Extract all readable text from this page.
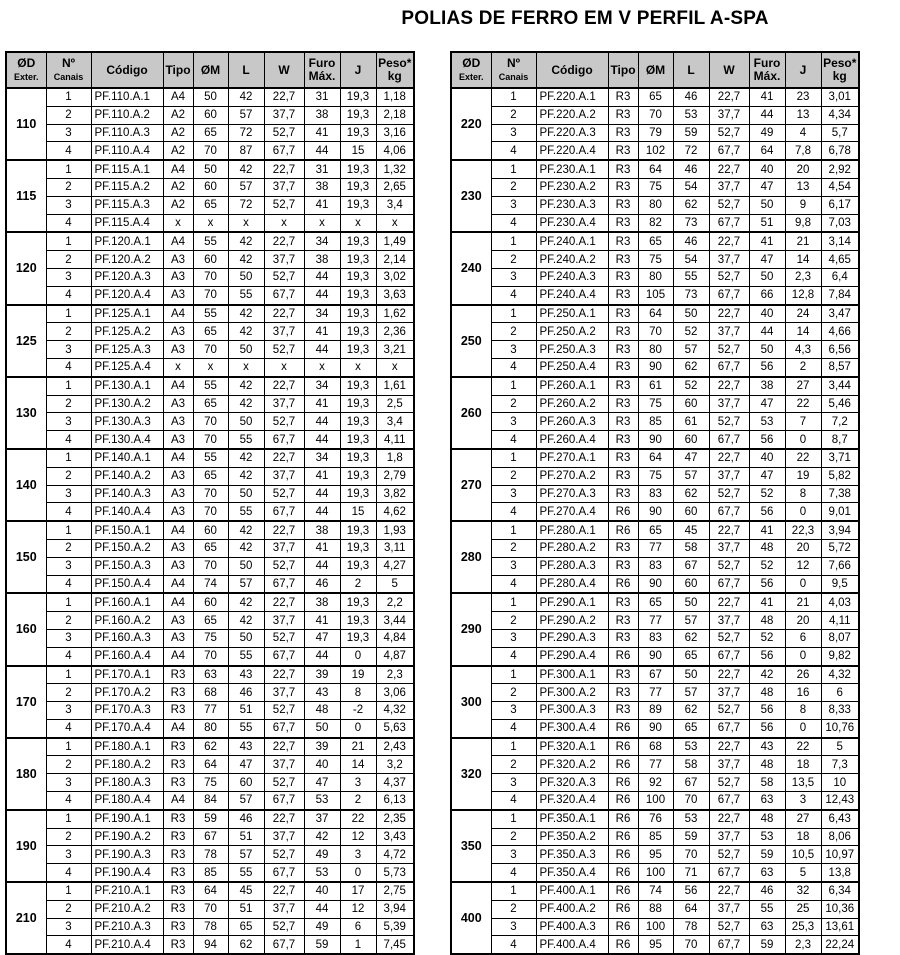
POLIAS DE FERRO EM V PERFIL A-SPA
ØD
Exter.	Nº
Canais	Código	Tipo	ØM	L	W	Furo
Máx.	J	Peso*
kg
110	1	PF.110.A.1	A4	50	42	22,7	31	19,3	1,18
	2	PF.110.A.2	A2	60	57	37,7	38	19,3	2,18
	3	PF.110.A.3	A2	65	72	52,7	41	19,3	3,16
	4	PF.110.A.4	A2	70	87	67,7	44	15	4,06
115	1	PF.115.A.1	A4	50	42	22,7	31	19,3	1,32
	2	PF.115.A.2	A2	60	57	37,7	38	19,3	2,65
	3	PF.115.A.3	A2	65	72	52,7	41	19,3	3,4
	4	PF.115.A.4	x	x	x	x	x	x	x
120	1	PF.120.A.1	A4	55	42	22,7	34	19,3	1,49
	2	PF.120.A.2	A3	60	42	37,7	38	19,3	2,14
	3	PF.120.A.3	A3	70	50	52,7	44	19,3	3,02
	4	PF.120.A.4	A3	70	55	67,7	44	19,3	3,63
125	1	PF.125.A.1	A4	55	42	22,7	34	19,3	1,62
	2	PF.125.A.2	A3	65	42	37,7	41	19,3	2,36
	3	PF.125.A.3	A3	70	50	52,7	44	19,3	3,21
	4	PF.125.A.4	x	x	x	x	x	x	x
130	1	PF.130.A.1	A4	55	42	22,7	34	19,3	1,61
	2	PF.130.A.2	A3	65	42	37,7	41	19,3	2,5
	3	PF.130.A.3	A3	70	50	52,7	44	19,3	3,4
	4	PF.130.A.4	A3	70	55	67,7	44	19,3	4,11
140	1	PF.140.A.1	A4	55	42	22,7	34	19,3	1,8
	2	PF.140.A.2	A3	65	42	37,7	41	19,3	2,79
	3	PF.140.A.3	A3	70	50	52,7	44	19,3	3,82
	4	PF.140.A.4	A3	70	55	67,7	44	15	4,62
150	1	PF.150.A.1	A4	60	42	22,7	38	19,3	1,93
	2	PF.150.A.2	A3	65	42	37,7	41	19,3	3,11
	3	PF.150.A.3	A3	70	50	52,7	44	19,3	4,27
	4	PF.150.A.4	A4	74	57	67,7	46	2	5
160	1	PF.160.A.1	A4	60	42	22,7	38	19,3	2,2
	2	PF.160.A.2	A3	65	42	37,7	41	19,3	3,44
	3	PF.160.A.3	A3	75	50	52,7	47	19,3	4,84
	4	PF.160.A.4	A4	70	55	67,7	44	0	4,87
170	1	PF.170.A.1	R3	63	43	22,7	39	19	2,3
	2	PF.170.A.2	R3	68	46	37,7	43	8	3,06
	3	PF.170.A.3	R3	77	51	52,7	48	-2	4,32
	4	PF.170.A.4	A4	80	55	67,7	50	0	5,63
180	1	PF.180.A.1	R3	62	43	22,7	39	21	2,43
	2	PF.180.A.2	R3	64	47	37,7	40	14	3,2
	3	PF.180.A.3	R3	75	60	52,7	47	3	4,37
	4	PF.180.A.4	A4	84	57	67,7	53	2	6,13
190	1	PF.190.A.1	R3	59	46	22,7	37	22	2,35
	2	PF.190.A.2	R3	67	51	37,7	42	12	3,43
	3	PF.190.A.3	R3	78	57	52,7	49	3	4,72
	4	PF.190.A.4	R3	85	55	67,7	53	0	5,73
210	1	PF.210.A.1	R3	64	45	22,7	40	17	2,75
	2	PF.210.A.2	R3	70	51	37,7	44	12	3,94
	3	PF.210.A.3	R3	78	65	52,7	49	6	5,39
	4	PF.210.A.4	R3	94	62	67,7	59	1	7,45
ØD
Exter.	Nº
Canais	Código	Tipo	ØM	L	W	Furo
Máx.	J	Peso*
kg
220	1	PF.220.A.1	R3	65	46	22,7	41	23	3,01
	2	PF.220.A.2	R3	70	53	37,7	44	13	4,34
	3	PF.220.A.3	R3	79	59	52,7	49	4	5,7
	4	PF.220.A.4	R3	102	72	67,7	64	7,8	6,78
230	1	PF.230.A.1	R3	64	46	22,7	40	20	2,92
	2	PF.230.A.2	R3	75	54	37,7	47	13	4,54
	3	PF.230.A.3	R3	80	62	52,7	50	9	6,17
	4	PF.230.A.4	R3	82	73	67,7	51	9,8	7,03
240	1	PF.240.A.1	R3	65	46	22,7	41	21	3,14
	2	PF.240.A.2	R3	75	54	37,7	47	14	4,65
	3	PF.240.A.3	R3	80	55	52,7	50	2,3	6,4
	4	PF.240.A.4	R3	105	73	67,7	66	12,8	7,84
250	1	PF.250.A.1	R3	64	50	22,7	40	24	3,47
	2	PF.250.A.2	R3	70	52	37,7	44	14	4,66
	3	PF.250.A.3	R3	80	57	52,7	50	4,3	6,56
	4	PF.250.A.4	R3	90	62	67,7	56	2	8,57
260	1	PF.260.A.1	R3	61	52	22,7	38	27	3,44
	2	PF.260.A.2	R3	75	60	37,7	47	22	5,46
	3	PF.260.A.3	R3	85	61	52,7	53	7	7,2
	4	PF.260.A.4	R3	90	60	67,7	56	0	8,7
270	1	PF.270.A.1	R3	64	47	22,7	40	22	3,71
	2	PF.270.A.2	R3	75	57	37,7	47	19	5,82
	3	PF.270.A.3	R3	83	62	52,7	52	8	7,38
	4	PF.270.A.4	R6	90	60	67,7	56	0	9,01
280	1	PF.280.A.1	R6	65	45	22,7	41	22,3	3,94
	2	PF.280.A.2	R3	77	58	37,7	48	20	5,72
	3	PF.280.A.3	R3	83	67	52,7	52	12	7,66
	4	PF.280.A.4	R6	90	60	67,7	56	0	9,5
290	1	PF.290.A.1	R3	65	50	22,7	41	21	4,03
	2	PF.290.A.2	R3	77	57	37,7	48	20	4,11
	3	PF.290.A.3	R3	83	62	52,7	52	6	8,07
	4	PF.290.A.4	R6	90	65	67,7	56	0	9,82
300	1	PF.300.A.1	R3	67	50	22,7	42	26	4,32
	2	PF.300.A.2	R3	77	57	37,7	48	16	6
	3	PF.300.A.3	R3	89	62	52,7	56	8	8,33
	4	PF.300.A.4	R6	90	65	67,7	56	0	10,76
320	1	PF.320.A.1	R6	68	53	22,7	43	22	5
	2	PF.320.A.2	R6	77	58	37,7	48	18	7,3
	3	PF.320.A.3	R6	92	67	52,7	58	13,5	10
	4	PF.320.A.4	R6	100	70	67,7	63	3	12,43
350	1	PF.350.A.1	R6	76	53	22,7	48	27	6,43
	2	PF.350.A.2	R6	85	59	37,7	53	18	8,06
	3	PF.350.A.3	R6	95	70	52,7	59	10,5	10,97
	4	PF.350.A.4	R6	100	71	67,7	63	5	13,8
400	1	PF.400.A.1	R6	74	56	22,7	46	32	6,34
	2	PF.400.A.2	R6	88	64	37,7	55	25	10,36
	3	PF.400.A.3	R6	100	78	52,7	63	25,3	13,61
	4	PF.400.A.4	R6	95	70	67,7	59	2,3	22,24
